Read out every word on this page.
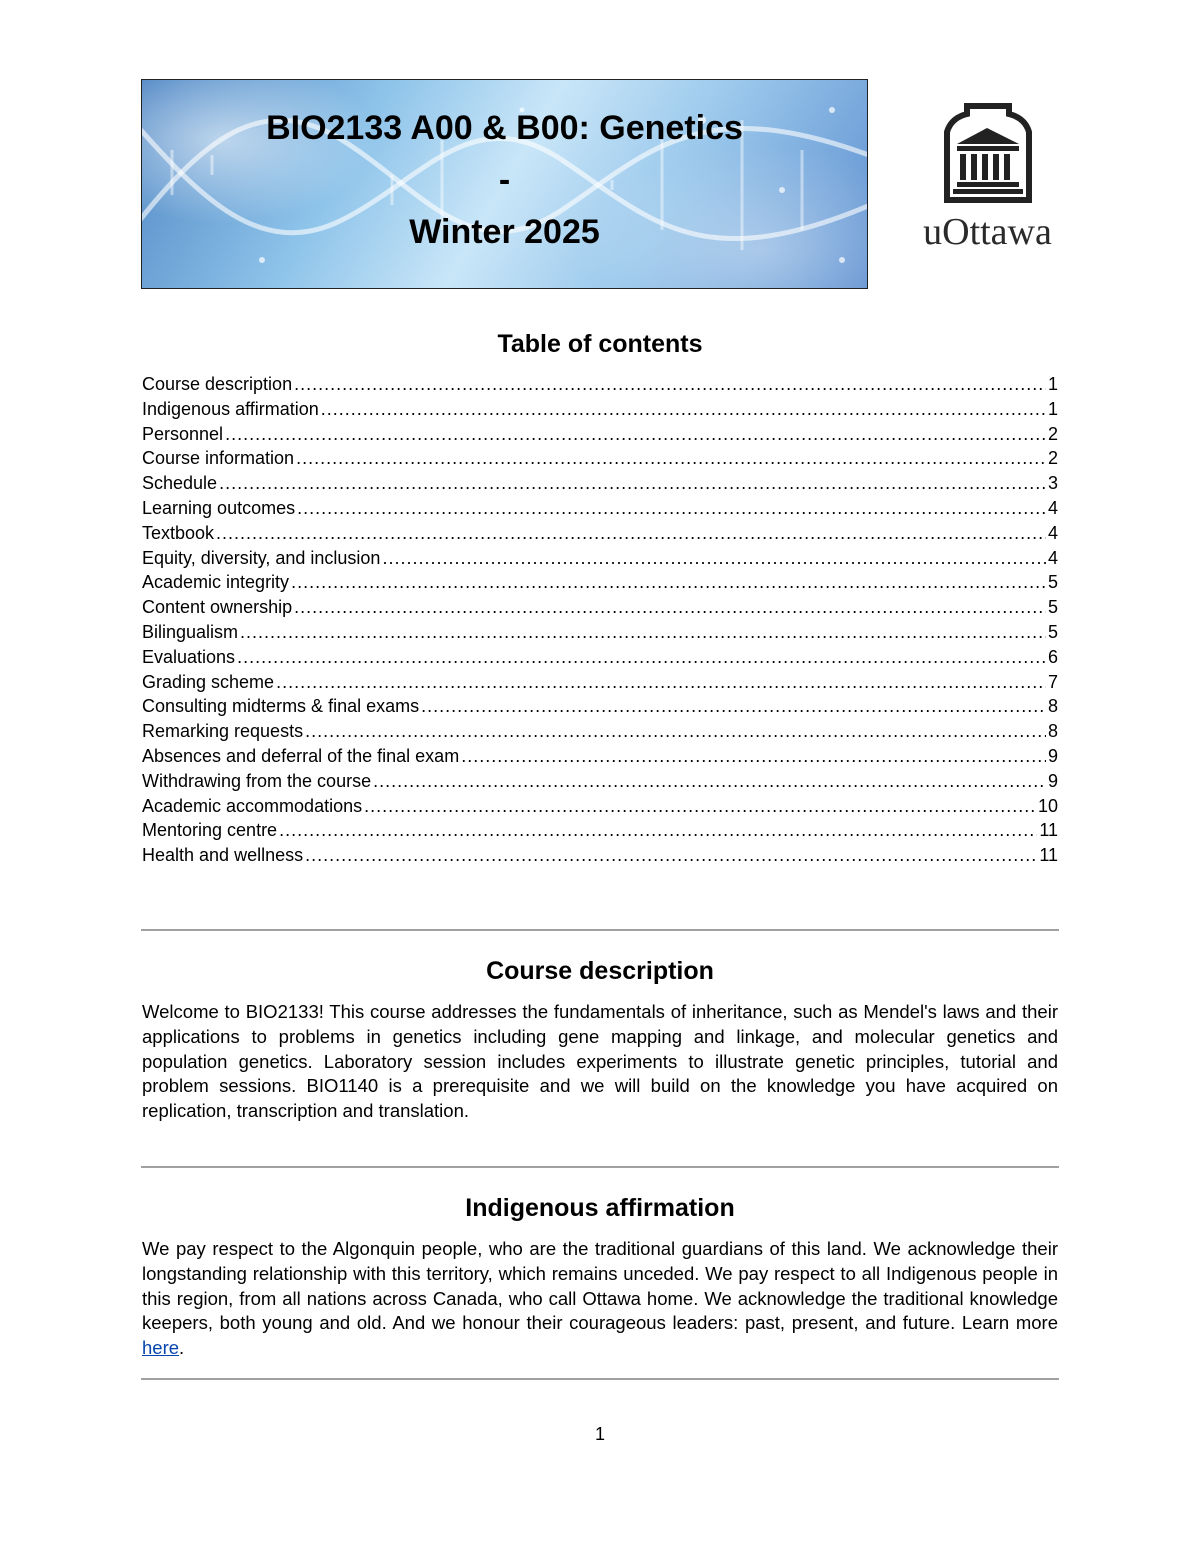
BIO2133 A00 & B00: Genetics
-
Winter 2025	uOttawa
Table of contents
Course description .....	1
Indigenous affirmation .....	1
Personnel .....	2
Course information .....	2
Schedule .....	3
Learning outcomes .....	4
Textbook .....	4
Equity, diversity, and inclusion .....	4
Academic integrity .....	5
Content ownership .....	5
Bilingualism .....	5
Evaluations .....	6
Grading scheme .....	7
Consulting midterms & final exams .....	8
Remarking requests .....	8
Absences and deferral of the final exam .....	9
Withdrawing from the course .....	9
Academic accommodations .....	10
Mentoring centre .....	11
Health and wellness .....	11
Course description

Welcome to BIO2133! This course addresses the fundamentals of inheritance, such as Mendel's laws and their applications to problems in genetics including gene mapping and linkage, and molecular genetics and population genetics. Laboratory session includes experiments to illustrate genetic principles, tutorial and problem sessions. BIO1140 is a prerequisite and we will build on the knowledge you have acquired on replication, transcription and translation.

Indigenous affirmation

We pay respect to the Algonquin people, who are the traditional guardians of this land. We acknowledge their longstanding relationship with this territory, which remains unceded. We pay respect to all Indigenous people in this region, from all nations across Canada, who call Ottawa home. We acknowledge the traditional knowledge keepers, both young and old. And we honour their courageous leaders: past, present, and future. Learn more here.

1
